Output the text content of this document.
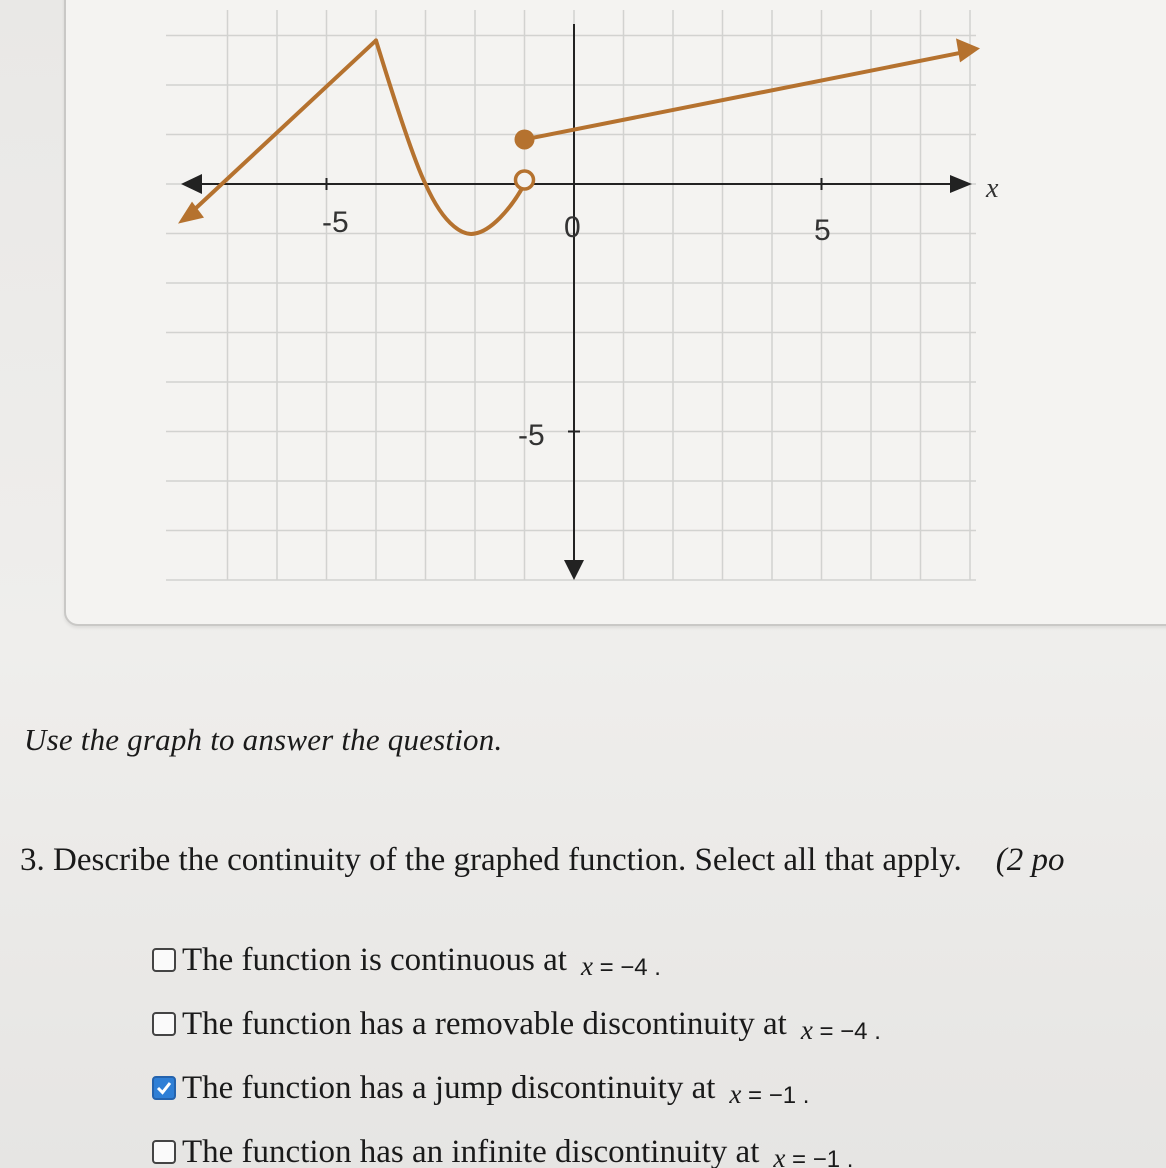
-5	0	5
-5
x
Use the graph to answer the question.
3. Describe the continuity of the graphed function. Select all that apply. (2 po
The function is continuous at x = −4 .
The function has a removable discontinuity at x = −4 .
The function has a jump discontinuity at x = −1 .
The function has an infinite discontinuity at x = −1 .
